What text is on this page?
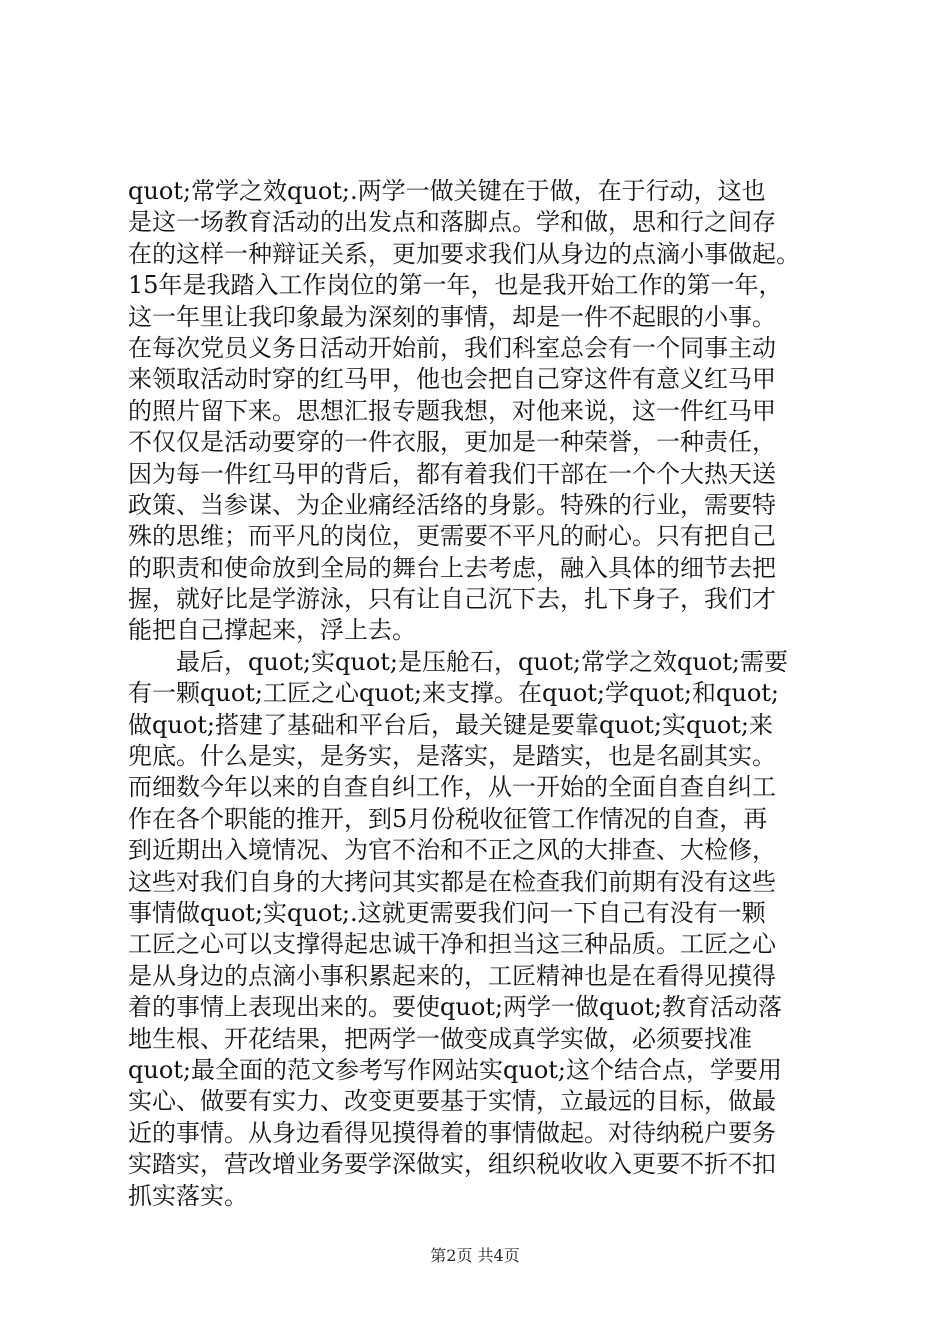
quot;常学之效quot;.两学一做关键在于做，在于行动，这也
是这一场教育活动的出发点和落脚点。学和做，思和行之间存
在的这样一种辩证关系，更加要求我们从身边的点滴小事做起。
15年是我踏入工作岗位的第一年，也是我开始工作的第一年，
这一年里让我印象最为深刻的事情，却是一件不起眼的小事。
在每次党员义务日活动开始前，我们科室总会有一个同事主动
来领取活动时穿的红马甲，他也会把自己穿这件有意义红马甲
的照片留下来。思想汇报专题我想，对他来说，这一件红马甲
不仅仅是活动要穿的一件衣服，更加是一种荣誉，一种责任，
因为每一件红马甲的背后，都有着我们干部在一个个大热天送
政策、当参谋、为企业痛经活络的身影。特殊的行业，需要特
殊的思维；而平凡的岗位，更需要不平凡的耐心。只有把自己
的职责和使命放到全局的舞台上去考虑，融入具体的细节去把
握，就好比是学游泳，只有让自己沉下去，扎下身子，我们才
能把自己撑起来，浮上去。
　　最后，quot;实quot;是压舱石，quot;常学之效quot;需要
有一颗quot;工匠之心quot;来支撑。在quot;学quot;和quot;
做quot;搭建了基础和平台后，最关键是要靠quot;实quot;来
兜底。什么是实，是务实，是落实，是踏实，也是名副其实。
而细数今年以来的自查自纠工作，从一开始的全面自查自纠工
作在各个职能的推开，到5月份税收征管工作情况的自查，再
到近期出入境情况、为官不治和不正之风的大排查、大检修，
这些对我们自身的大拷问其实都是在检查我们前期有没有这些
事情做quot;实quot;.这就更需要我们问一下自己有没有一颗
工匠之心可以支撑得起忠诚干净和担当这三种品质。工匠之心
是从身边的点滴小事积累起来的，工匠精神也是在看得见摸得
着的事情上表现出来的。要使quot;两学一做quot;教育活动落
地生根、开花结果，把两学一做变成真学实做，必须要找准
quot;最全面的范文参考写作网站实quot;这个结合点，学要用
实心、做要有实力、改变更要基于实情，立最远的目标，做最
近的事情。从身边看得见摸得着的事情做起。对待纳税户要务
实踏实，营改增业务要学深做实，组织税收收入更要不折不扣
抓实落实。
第2页 共4页
